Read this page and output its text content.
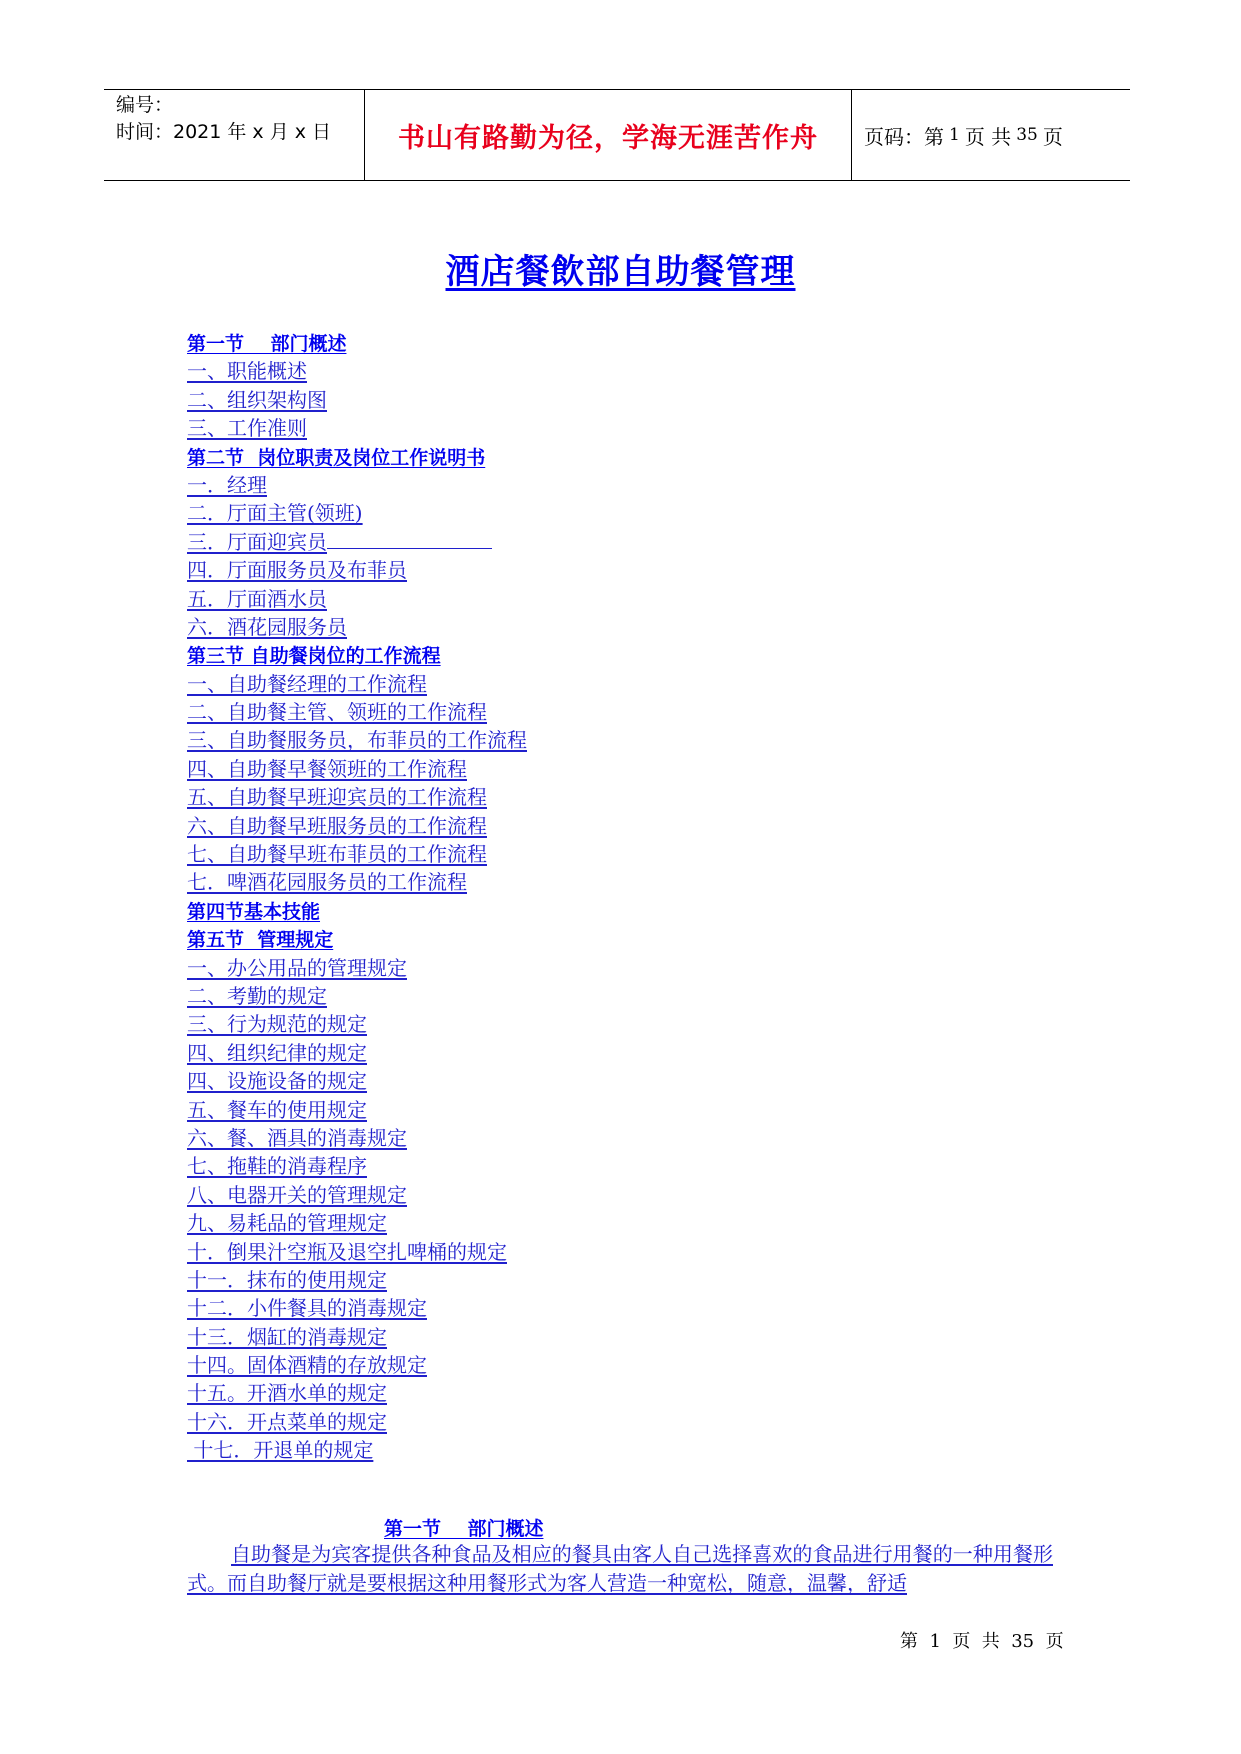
编号：
时间：2021 年 x 月 x 日	书山有路勤为径，学海无涯苦作舟 页码：第 1 页 共 35 页
酒店餐飲部自助餐管理
第一节    部门概述
一、职能概述
二、组织架构图
三、工作准则
第二节  岗位职责及岗位工作说明书
一．经理
二．厅面主管(领班)
三．厅面迎宾员
四．厅面服务员及布菲员
五．厅面酒水员
六．酒花园服务员
第三节 自助餐岗位的工作流程
一、自助餐经理的工作流程
二、自助餐主管、领班的工作流程
三、自助餐服务员，布菲员的工作流程
四、自助餐早餐领班的工作流程
五、自助餐早班迎宾员的工作流程
六、自助餐早班服务员的工作流程
七、自助餐早班布菲员的工作流程
七．啤酒花园服务员的工作流程
第四节基本技能
第五节  管理规定
一、办公用品的管理规定
二、考勤的规定
三、行为规范的规定
四、组织纪律的规定
四、设施设备的规定
五、餐车的使用规定
六、餐、酒具的消毒规定
七、拖鞋的消毒程序
八、电器开关的管理规定
九、易耗品的管理规定
十．倒果汁空瓶及退空扎啤桶的规定
十一．抹布的使用规定
十二．小件餐具的消毒规定
十三．烟缸的消毒规定
十四。固体酒精的存放规定
十五。开酒水单的规定
十六．开点菜单的规定
十七．开退单的规定
第一节    部门概述

自助餐是为宾客提供各种食品及相应的餐具由客人自己选择喜欢的食品进行用餐的一种用餐形式。而自助餐厅就是要根据这种用餐形式为客人营造一种宽松，随意，温馨，舒适

第  1  页  共  35  页
